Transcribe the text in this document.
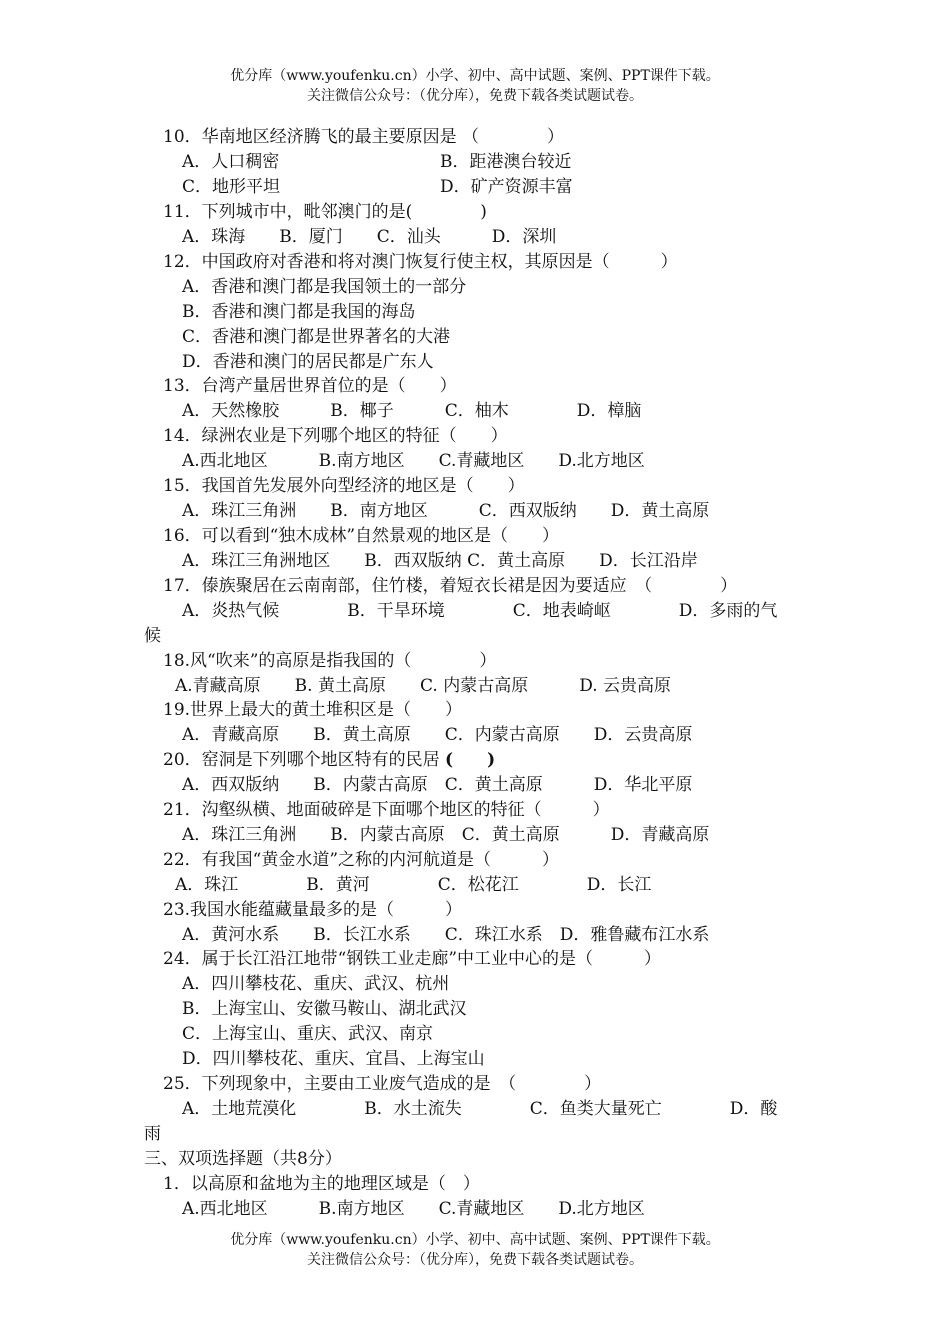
优分库（www.youfenku.cn）小学、初中、高中试题、案例、PPT课件下载。
关注微信公众号：（优分库），免费下载各类试题试卷。
10．华南地区经济腾飞的最主要原因是 （　　　　）
A．人口稠密	B．距港澳台较近
C．地形平坦	D．矿产资源丰富
11．下列城市中，毗邻澳门的是(　　　　)
A．珠海　　B．厦门　　C．汕头　　　D．深圳
12．中国政府对香港和将对澳门恢复行使主权，其原因是（　　　）
A．香港和澳门都是我国领土的一部分
B．香港和澳门都是我国的海岛
C．香港和澳门都是世界著名的大港
D．香港和澳门的居民都是广东人
13．台湾产量居世界首位的是（　　）
A．天然橡胶　　　B．椰子　　　C．柚木　　　　D．樟脑
14．绿洲农业是下列哪个地区的特征（　　）
A.西北地区　　　B.南方地区　　C.青藏地区　　D.北方地区
15．我国首先发展外向型经济的地区是（　　）
A．珠江三角洲　　B．南方地区　　　C．西双版纳　　D．黄土高原
16．可以看到“独木成林”自然景观的地区是（　　）
A．珠江三角洲地区　　B．西双版纳 C．黄土高原　　D．长江沿岸
17．傣族聚居在云南南部，住竹楼，着短衣长裙是因为要适应　（　　　　）
A．炎热气候　　　　B．干旱环境　　　　C．地表崎岖　　　　D．多雨的气
候
18.风“吹来”的高原是指我国的（　　　　）
A.青藏高原　　B. 黄土高原　　C. 内蒙古高原　　　D. 云贵高原
19.世界上最大的黄土堆积区是（　　）
A．青藏高原　　B．黄土高原　　C．内蒙古高原　　D．云贵高原
20．窑洞是下列哪个地区特有的民居 (　　)
A．西双版纳　　B．内蒙古高原　C．黄土高原　　　D．华北平原
21．沟壑纵横、地面破碎是下面哪个地区的特征（　　　）
A．珠江三角洲　　B．内蒙古高原　C．黄土高原　　　D．青藏高原
22．有我国“黄金水道”之称的内河航道是（　　　）
A．珠江　　　　B．黄河　　　　C．松花江　　　　D．长江
23.我国水能蕴藏量最多的是（　　　）
A．黄河水系　　B．长江水系　　C．珠江水系　D．雅鲁藏布江水系
24．属于长江沿江地带“钢铁工业走廊”中工业中心的是（　　　）
A．四川攀枝花、重庆、武汉、杭州
B．上海宝山、安徽马鞍山、湖北武汉
C．上海宝山、重庆、武汉、南京
D．四川攀枝花、重庆、宜昌、上海宝山
25．下列现象中，主要由工业废气造成的是　（　　　　）
A．土地荒漠化　　　　B．水土流失　　　　C．鱼类大量死亡　　　　D．酸
雨
三、双项选择题（共8分）
1．以高原和盆地为主的地理区域是（　）
A.西北地区　　　B.南方地区　　C.青藏地区　　D.北方地区
优分库（www.youfenku.cn）小学、初中、高中试题、案例、PPT课件下载。
关注微信公众号：（优分库），免费下载各类试题试卷。
